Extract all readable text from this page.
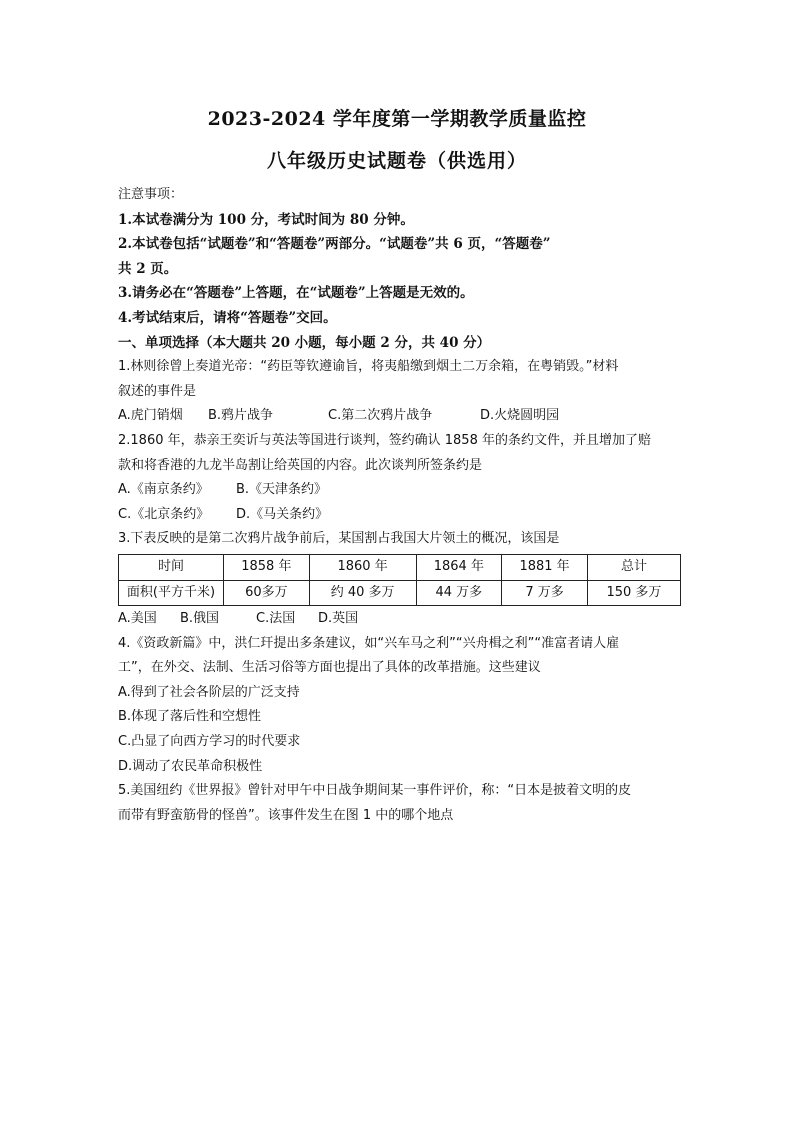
2023-2024 学年度第一学期教学质量监控
八年级历史试题卷（供选用）
注意事项：
1.本试卷满分为 100 分，考试时间为 80 分钟。
2.本试卷包括“试题卷”和“答题卷”两部分。“试题卷”共 6 页，“答题卷”
共 2 页。
3.请务必在“答题卷”上答题，在“试题卷”上答题是无效的。
4.考试结束后，请将“答题卷”交回。
一、单项选择（本大题共 20 小题，每小题 2 分，共 40 分）
1.林则徐曾上奏道光帝：“药臣等钦遵谕旨，将夷船缴到烟土二万余箱，在粤销毁。”材料
叙述的事件是
A.虎门销烟 B.鸦片战争	C.第二次鸦片战争	D.火烧圆明园
2.1860 年，恭亲王奕䜣与英法等国进行谈判，签约确认 1858 年的条约文件，并且增加了赔
款和将香港的九龙半岛割让给英国的内容。此次谈判所签条约是
A.《南京条约》 B.《天津条约》
C.《北京条约》 D.《马关条约》
3.下表反映的是第二次鸦片战争前后，某国割占我国大片领土的概况，该国是
时间	1858 年	1860 年	1864 年	1881 年	总计
面积(平方千米)	60多万	约 40 多万	44 万多	7 万多	150 多万
A.美国 B.俄国	C.法国 D.英国
4.《资政新篇》中，洪仁玕提出多条建议，如“兴车马之利”“兴舟楫之利”“准富者请人雇
工”，在外交、法制、生活习俗等方面也提出了具体的改革措施。这些建议
A.得到了社会各阶层的广泛支持
B.体现了落后性和空想性
C.凸显了向西方学习的时代要求
D.调动了农民革命积极性
5.美国纽约《世界报》曾针对甲午中日战争期间某一事件评价，称：“日本是披着文明的皮
而带有野蛮筋骨的怪兽”。该事件发生在图 1 中的哪个地点
